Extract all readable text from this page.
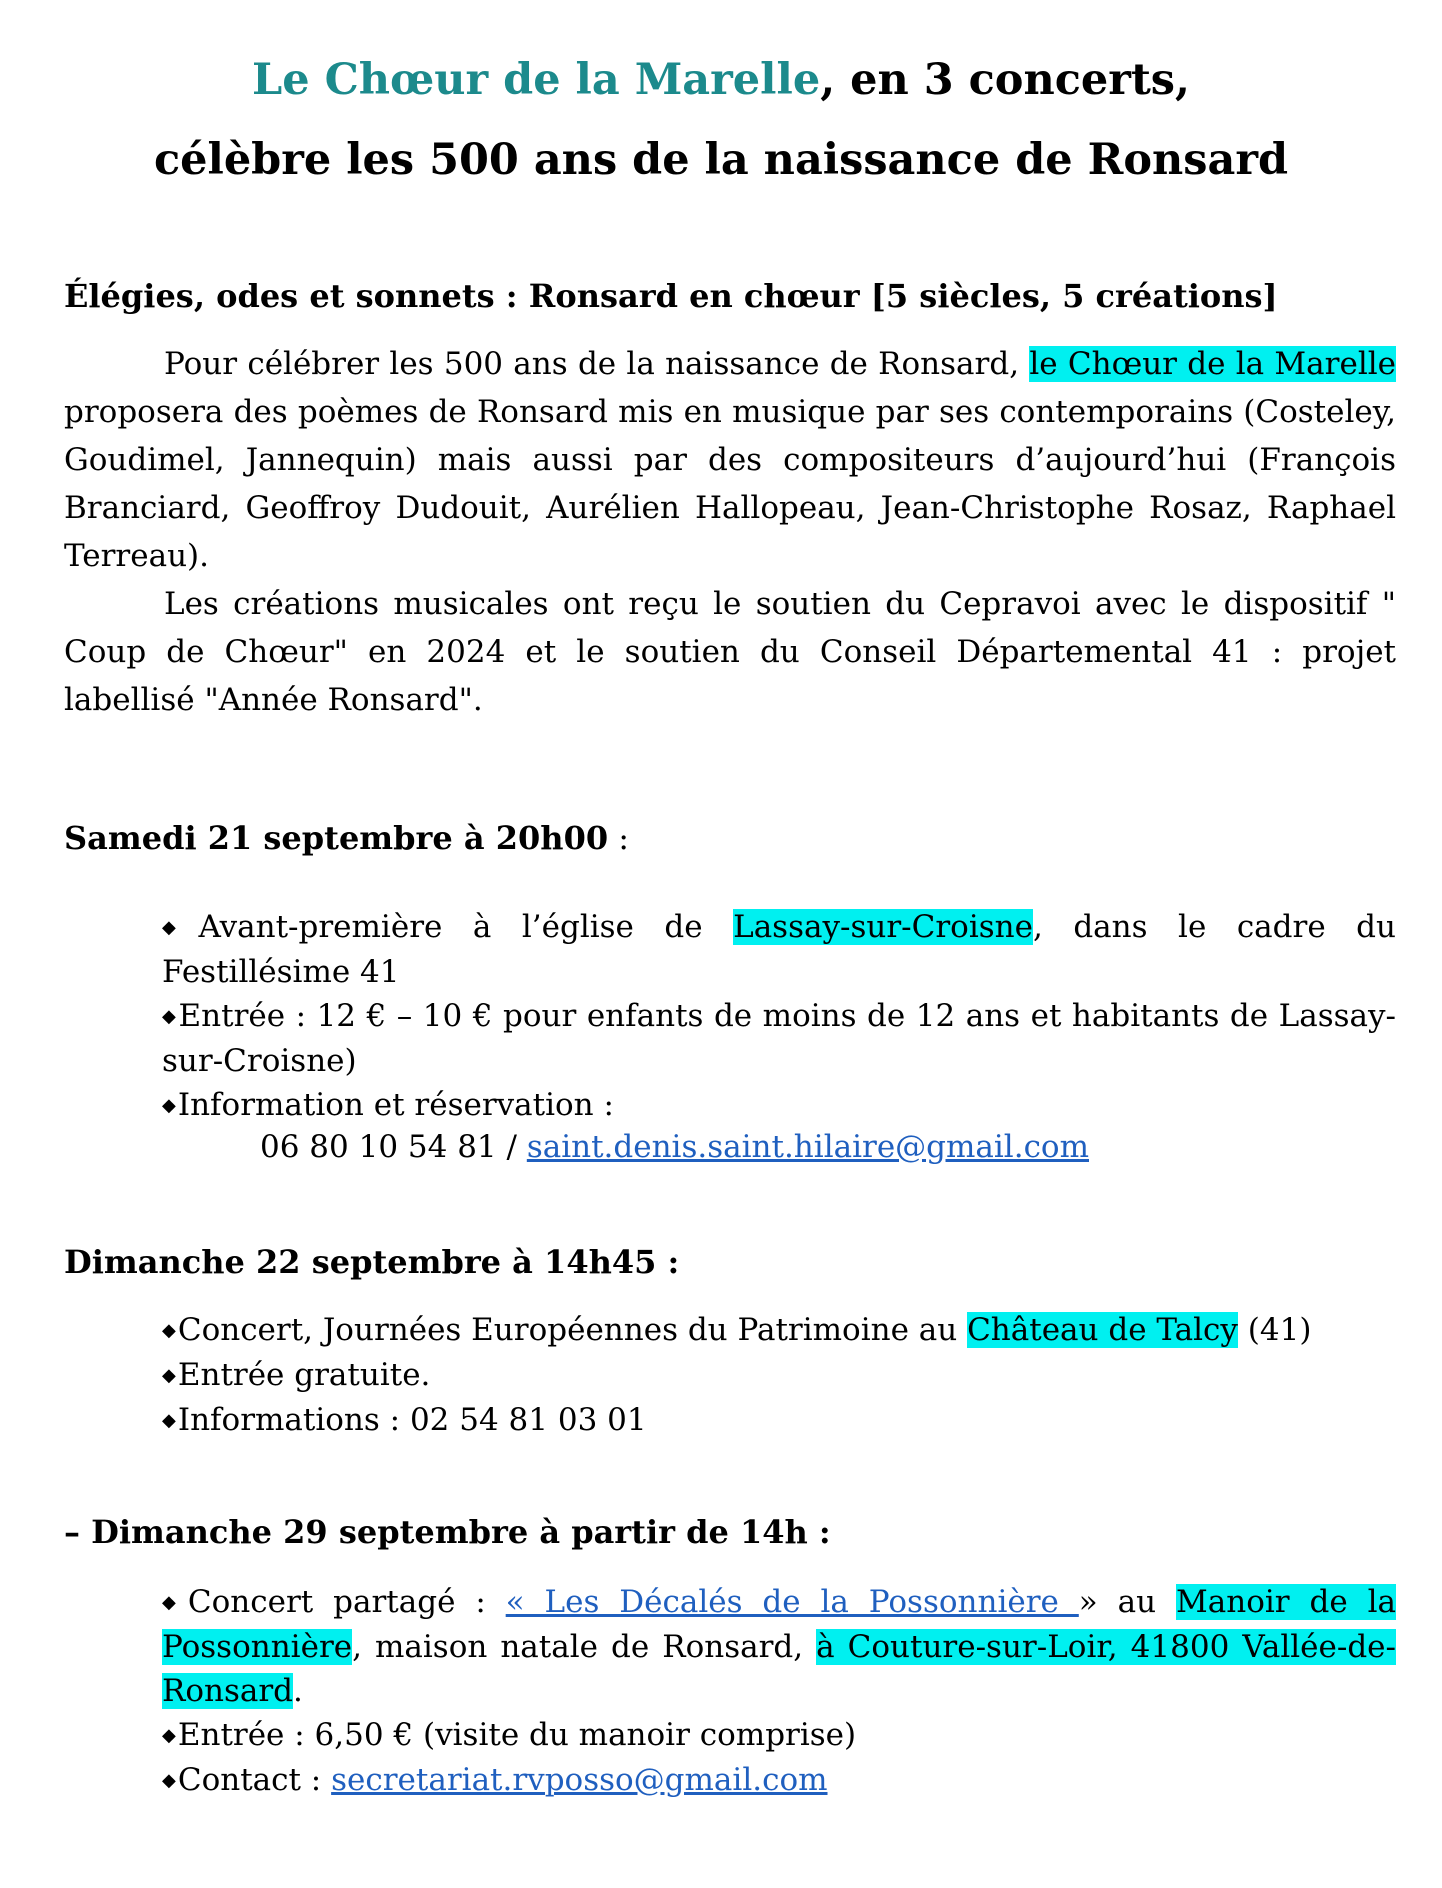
Le Chœur de la Marelle, en 3 concerts,
célèbre les 500 ans de la naissance de Ronsard
Élégies, odes et sonnets : Ronsard en chœur [5 siècles, 5 créations]
Pour célébrer les 500 ans de la naissance de Ronsard, le Chœur de la Marelle proposera des poèmes de Ronsard mis en musique par ses contemporains (Costeley, Goudimel, Jannequin) mais aussi par des compositeurs d’aujourd’hui (François Branciard, Geoffroy Dudouit, Aurélien Hallopeau, Jean-Christophe Rosaz, Raphael Terreau).
Les créations musicales ont reçu le soutien du Cepravoi avec le dispositif " Coup de Chœur" en 2024 et le soutien du Conseil Départemental 41 : projet labellisé "Année Ronsard".
Samedi 21 septembre à 20h00 :

◆Avant-première à l’église de Lassay-sur-Croisne, dans le cadre du Festillésime 41

◆Entrée : 12 € – 10 € pour enfants de moins de 12 ans et habitants de Lassay-sur-Croisne)

◆Information et réservation :

06 80 10 54 81 / saint.denis.saint.hilaire@gmail.com
Dimanche 22 septembre à 14h45 :

◆Concert, Journées Européennes du Patrimoine au Château de Talcy (41)

◆Entrée gratuite.

◆Informations : 02 54 81 03 01

– Dimanche 29 septembre à partir de 14h :

◆Concert partagé : « Les Décalés de la Possonnière » au Manoir de la Possonnière, maison natale de Ronsard, à Couture-sur-Loir, 41800 Vallée-de-Ronsard.

◆Entrée : 6,50 € (visite du manoir comprise)

◆Contact : secretariat.rvposso@gmail.com
